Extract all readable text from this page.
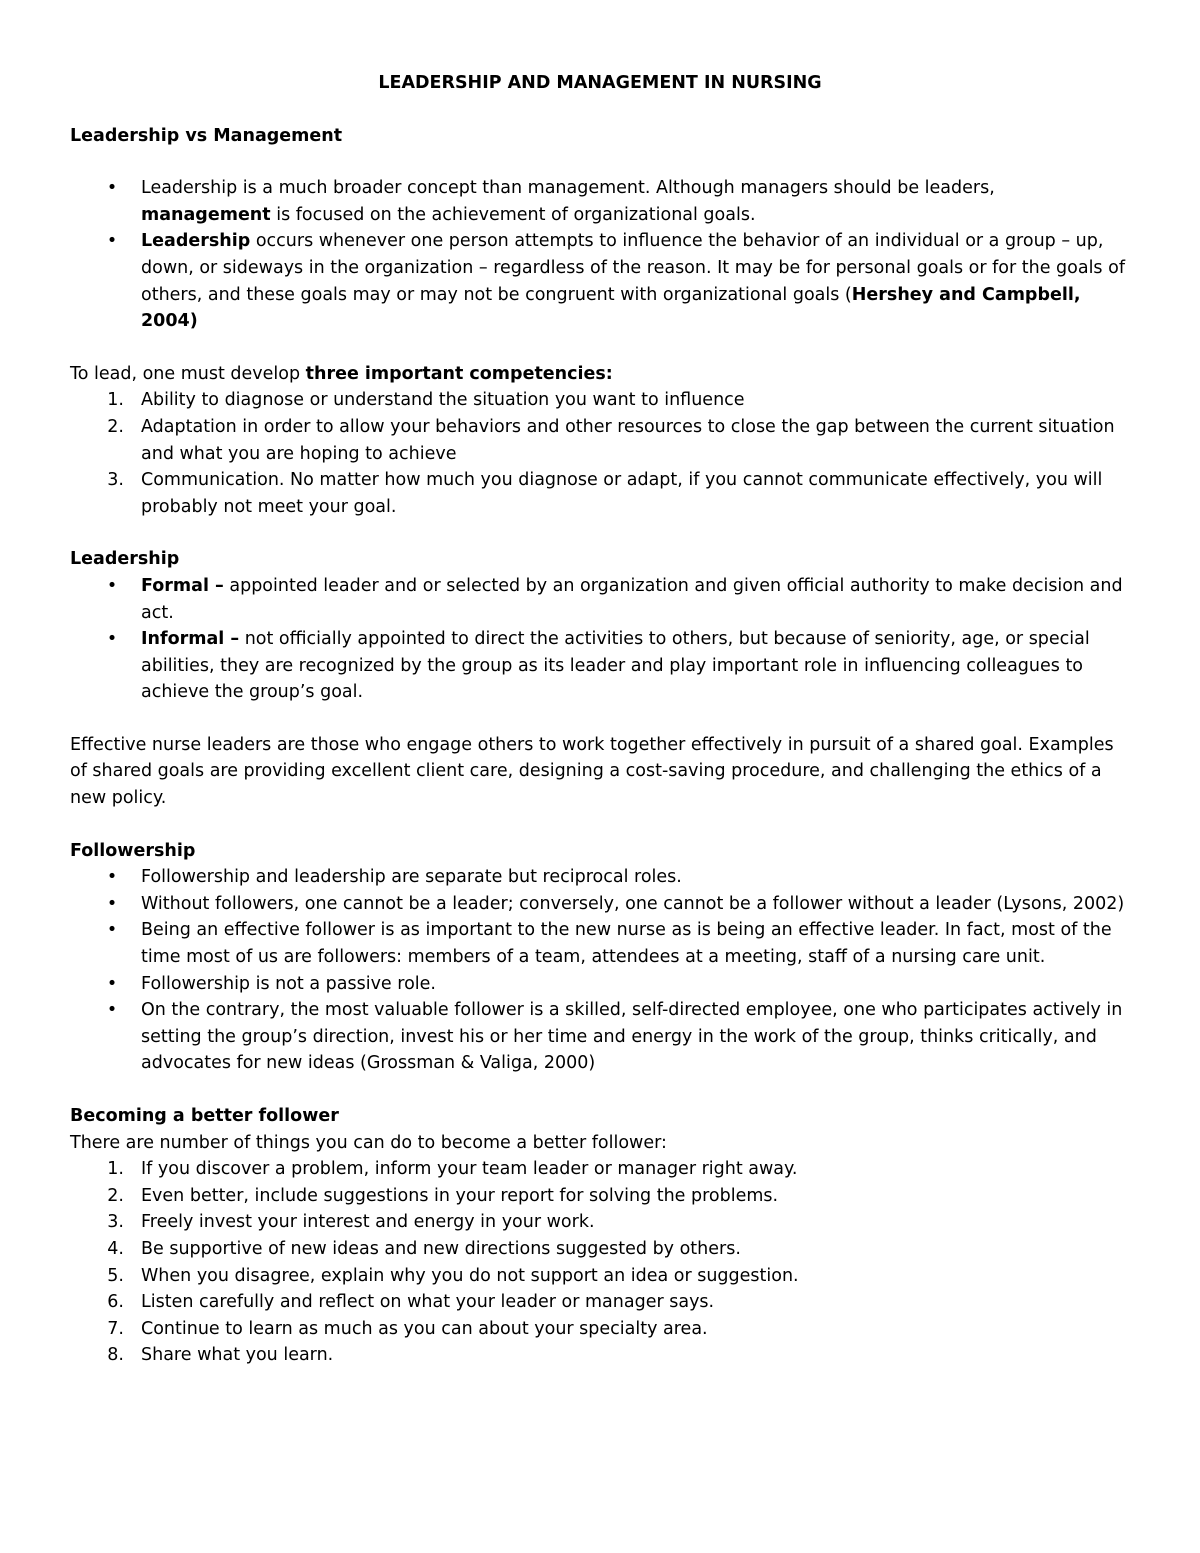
LEADERSHIP AND MANAGEMENT IN NURSING
Leadership vs Management
• Leadership is a much broader concept than management. Although managers should be leaders,
management is focused on the achievement of organizational goals.
• Leadership occurs whenever one person attempts to influence the behavior of an individual or a group – up, down, or sideways in the organization – regardless of the reason. It may be for personal goals or for the goals of others, and these goals may or may not be congruent with organizational goals (Hershey and Campbell, 2004)

To lead, one must develop three important competencies:

1. Ability to diagnose or understand the situation you want to influence
2. Adaptation in order to allow your behaviors and other resources to close the gap between the current situation and what you are hoping to achieve
3. Communication. No matter how much you diagnose or adapt, if you cannot communicate effectively, you will probably not meet your goal.
Leadership
• Formal – appointed leader and or selected by an organization and given official authority to make decision and act.
• Informal – not officially appointed to direct the activities to others, but because of seniority, age, or special abilities, they are recognized by the group as its leader and play important role in influencing colleagues to achieve the group’s goal.

Effective nurse leaders are those who engage others to work together effectively in pursuit of a shared goal. Examples of shared goals are providing excellent client care, designing a cost-saving procedure, and challenging the ethics of a new policy.

Followership
• Followership and leadership are separate but reciprocal roles.
• Without followers, one cannot be a leader; conversely, one cannot be a follower without a leader (Lysons, 2002)
• Being an effective follower is as important to the new nurse as is being an effective leader. In fact, most of the time most of us are followers: members of a team, attendees at a meeting, staff of a nursing care unit.
• Followership is not a passive role.
• On the contrary, the most valuable follower is a skilled, self-directed employee, one who participates actively in setting the group’s direction, invest his or her time and energy in the work of the group, thinks critically, and advocates for new ideas (Grossman & Valiga, 2000)
Becoming a better follower

There are number of things you can do to become a better follower:

1. If you discover a problem, inform your team leader or manager right away.
2. Even better, include suggestions in your report for solving the problems.
3. Freely invest your interest and energy in your work.
4. Be supportive of new ideas and new directions suggested by others.
5. When you disagree, explain why you do not support an idea or suggestion.
6. Listen carefully and reflect on what your leader or manager says.
7. Continue to learn as much as you can about your specialty area.
8. Share what you learn.
